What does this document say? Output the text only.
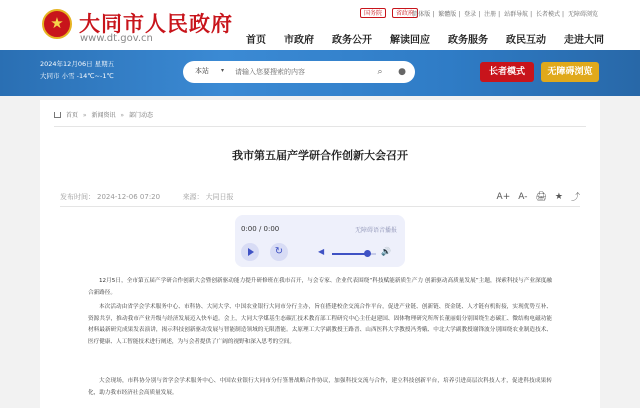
★
大同市人民政府
www.dt.gov.cn
国务院	省政府
简体版 | 繁體版 | 登录 | 注册 | 站群导航 | 长者模式 | 无障碍浏览
首页 市政府 政务公开 解读回应 政务服务 政民互动 走进大同
2024年12月06日 星期五
大同市 小雪 -14℃~-1℃
本站 ▾
请输入您要搜索的内容	⌕	●	长者模式	无障碍浏览
首页 » 新闻资讯 » 部门动态
我市第五届产学研合作创新大会召开
发布时间： 2024-12-06 07:20	来源： 大同日报	A+ A- 🖨 ★ ⤴
0:00 / 0:00	无障碍语音播报
↻	◀	🔊

12月5日，全市第五届产学研合作创新大会暨创新驱动能力提升研修班在我市召开，与会专家、企业代表围绕“科技赋能新质生产力 创新驱动高质量发展”主题，探索科技与产业深度融合新路径。

本次活动由省学会学术服务中心、市科协、大同大学、中国农业银行大同市分行主办，旨在搭建校企交流合作平台，促进产业链、创新链、资金链、人才链有机衔接，实现优势互补、资源共享，推动我市产业升级与经济发展迈入快车道。会上，大同大学煤基生态碳汇技术教育部工程研究中心主任赵建国、固体物理研究所所长董丽娟分别围绕生态碳汇、微结构电磁功能材料最新研究成果发表演讲，揭示科技创新驱动发展与智能制造领域的无限潜能。太原理工大学副教授王路晋、山西医科大学教授冯秀娥、中北大学副教授谢锋波分别围绕农业制造技术、医疗健康、人工智能技术进行阐述，为与会者提供了广阔的视野和深入思考的空间。

大会现场，市科协分别与省学会学术服务中心、中国农业银行大同市分行签署战略合作协议，加强科技交流与合作，建立科技创新平台，培养引进高层次科技人才，促进科技成果转化，助力我市经济社会高质量发展。
